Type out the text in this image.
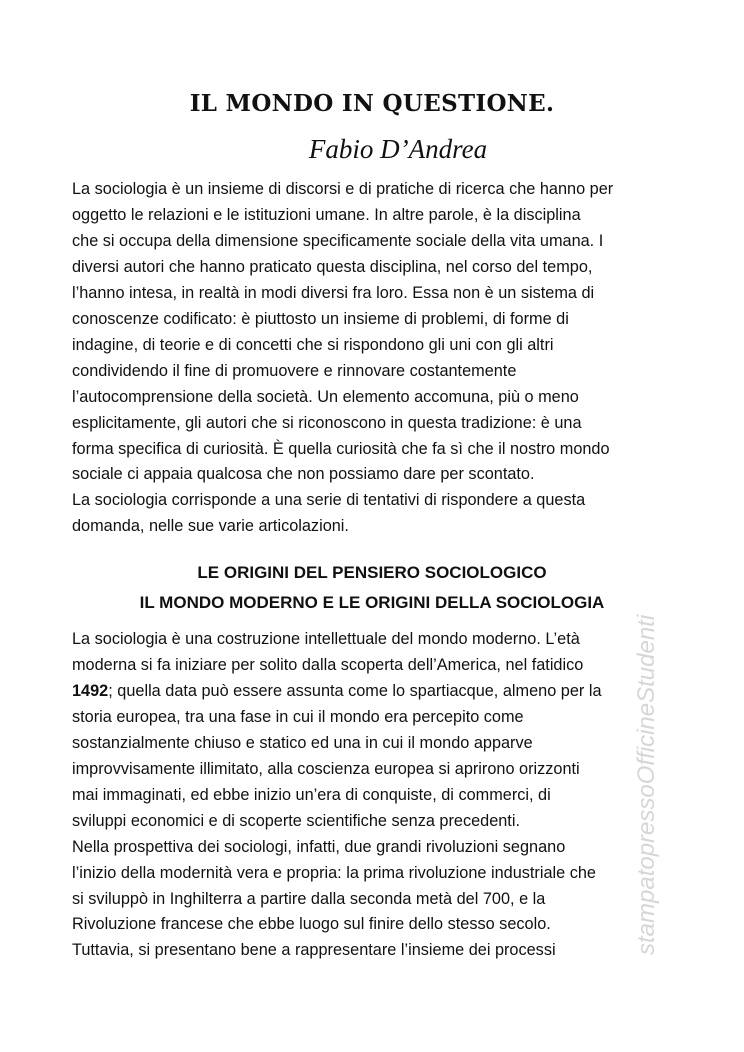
IL MONDO IN QUESTIONE.
Fabio D’Andrea
La sociologia è un insieme di discorsi e di pratiche di ricerca che hanno per
oggetto le relazioni e le istituzioni umane. In altre parole, è la disciplina
che si occupa della dimensione specificamente sociale della vita umana. I
diversi autori che hanno praticato questa disciplina, nel corso del tempo,
l’hanno intesa, in realtà in modi diversi fra loro. Essa non è un sistema di
conoscenze codificato: è piuttosto un insieme di problemi, di forme di
indagine, di teorie e di concetti che si rispondono gli uni con gli altri
condividendo il fine di promuovere e rinnovare costantemente
l’autocomprensione della società. Un elemento accomuna, più o meno
esplicitamente, gli autori che si riconoscono in questa tradizione: è una
forma specifica di curiosità. È quella curiosità che fa sì che il nostro mondo
sociale ci appaia qualcosa che non possiamo dare per scontato.
La sociologia corrisponde a una serie di tentativi di rispondere a questa
domanda, nelle sue varie articolazioni.
LE ORIGINI DEL PENSIERO SOCIOLOGICO
IL MONDO MODERNO E LE ORIGINI DELLA SOCIOLOGIA
La sociologia è una costruzione intellettuale del mondo moderno. L’età
moderna si fa iniziare per solito dalla scoperta dell’America, nel fatidico
1492; quella data può essere assunta come lo spartiacque, almeno per la
storia europea, tra una fase in cui il mondo era percepito come
sostanzialmente chiuso e statico ed una in cui il mondo apparve
improvvisamente illimitato, alla coscienza europea si aprirono orizzonti
mai immaginati, ed ebbe inizio un’era di conquiste, di commerci, di
sviluppi economici e di scoperte scientifiche senza precedenti.
Nella prospettiva dei sociologi, infatti, due grandi rivoluzioni segnano
l’inizio della modernità vera e propria: la prima rivoluzione industriale che
si sviluppò in Inghilterra a partire dalla seconda metà del 700, e la
Rivoluzione francese che ebbe luogo sul finire dello stesso secolo.
Tuttavia, si presentano bene a rappresentare l’insieme dei processi	stampatopressoOfficineStudenti
